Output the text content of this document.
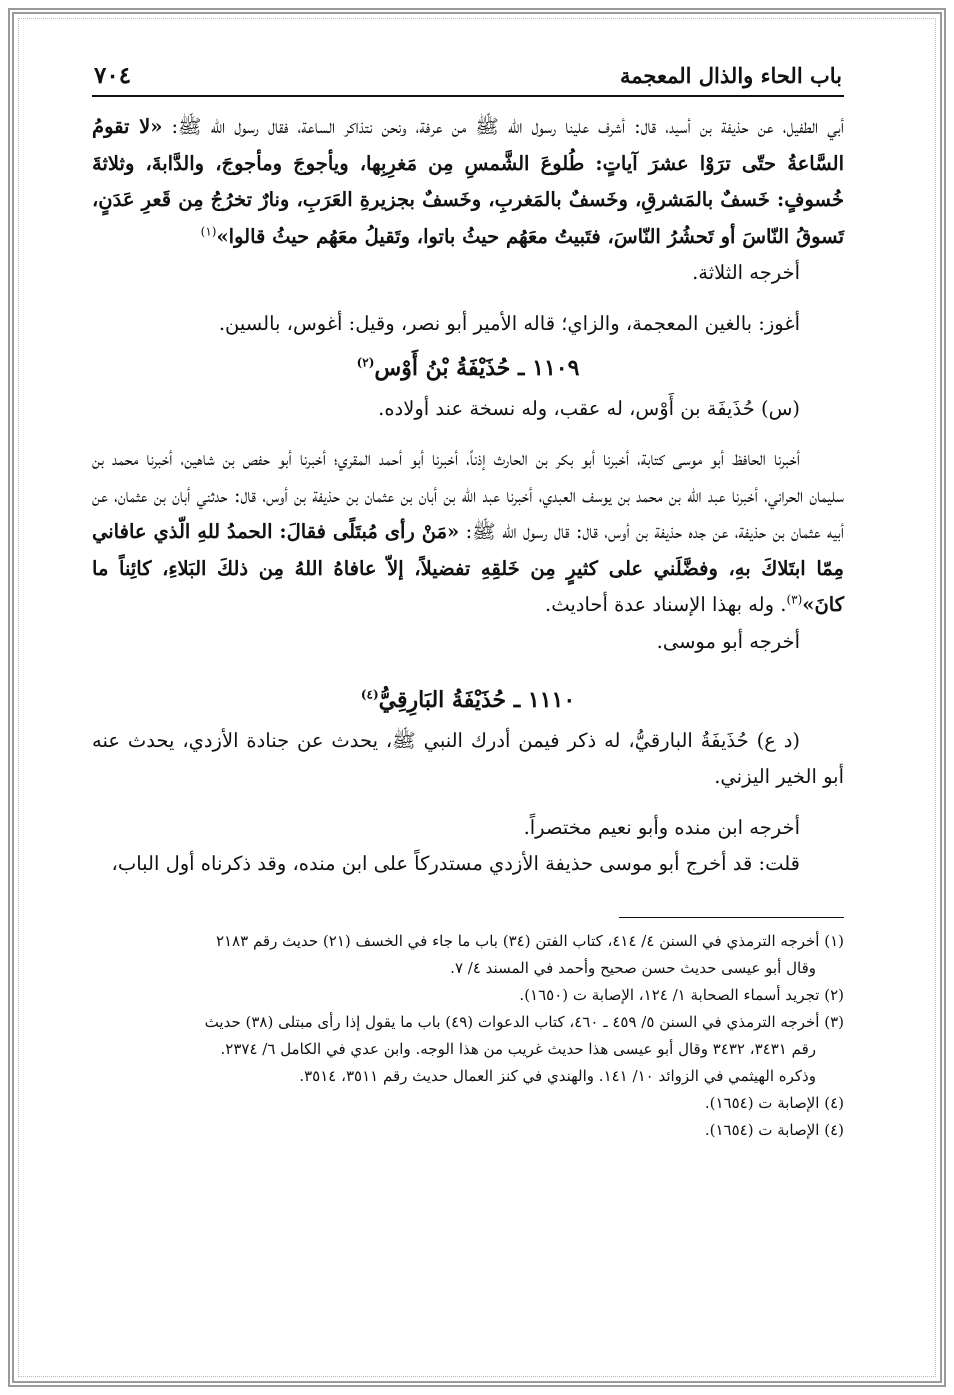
باب الحاء والذال المعجمة
٧٠٤

أبي الطفيل، عن حذيفة بن أسيد، قال: أشرف علينا رسول الله ﷺ من عرفة، ونحن نتذاكر الساعة، فقال رسول الله ﷺ: «لا تقومُ السَّاعةُ حتّى ترَوْا عشرَ آياتٍ: طُلوعَ الشَّمسِ مِن مَغرِبِها، ويأجوجَ ومأجوجَ، والدَّابةَ، وثلاثةَ خُسوفٍ: خَسفٌ بالمَشرقِ، وخَسفٌ بالمَغربِ، وخَسفٌ بجزيرةِ العَرَبِ، ونارٌ تخرُجُ مِن قَعرِ عَدَنٍ، تَسوقُ النّاسَ أو تَحشُرُ النّاسَ، فتَبيتُ معَهُم حيثُ باتوا، وتَقيلُ معَهُم حيثُ قالوا»$^{(١)}$

أخرجه الثلاثة.

أغوز: بالغين المعجمة، والزاي؛ قاله الأمير أبو نصر، وقيل: أغوس، بالسين.

١١٠٩ ـ حُذَيْفَةُ بْنُ أَوْس$^{(٢)}$

(س) حُذَيفَة بن أَوْس، له عقب، وله نسخة عند أولاده.

أخبرنا الحافظ أبو موسى كتابة، أخبرنا أبو بكر بن الحارث إذناً، أخبرنا أبو أحمد المقري؛ أخبرنا أبو حفص بن شاهين، أخبرنا محمد بن سليمان الحراني، أخبرنا عبد الله بن محمد بن يوسف العبدي، أخبرنا عبد الله بن أبان بن عثمان بن حذيفة بن أوس، قال: حدثني أبان بن عثمان، عن أبيه عثمان بن حذيفة، عن جده حذيفة بن أوس، قال: قال رسول الله ﷺ: «مَنْ رأى مُبتَلًى فقالَ: الحمدُ للهِ الّذي عافاني مِمّا ابتَلاكَ بهِ، وفضَّلَني على كثيرٍ مِن خَلقِهِ تفضيلاً، إلاّ عافاهُ اللهُ مِن ذلكَ البَلاءِ، كائِناً ما كانَ»$^{(٣)}$. وله بهذا الإسناد عدة أحاديث.

أخرجه أبو موسى.

١١١٠ ـ حُذَيْفَةُ البَارِقِيُّ$^{(٤)}$

(د ع) حُذَيفَةُ البارقيُّ، له ذكر فيمن أدرك النبي ﷺ، يحدث عن جنادة الأزدي، يحدث عنه أبو الخير اليزني.

أخرجه ابن منده وأبو نعيم مختصراً.

قلت: قد أخرج أبو موسى حذيفة الأزدي مستدركاً على ابن منده، وقد ذكرناه أول الباب،

(١) أخرجه الترمذي في السنن ٤/ ٤١٤، كتاب الفتن (٣٤) باب ما جاء في الخسف (٢١) حديث رقم ٢١٨٣

وقال أبو عيسى حديث حسن صحيح وأحمد في المسند ٤/ ٧.

(٢) تجريد أسماء الصحابة ١/ ١٢٤، الإصابة ت (١٦٥٠).

(٣) أخرجه الترمذي في السنن ٥/ ٤٥٩ ـ ٤٦٠، كتاب الدعوات (٤٩) باب ما يقول إذا رأى مبتلى (٣٨) حديث

رقم ٣٤٣١، ٣٤٣٢ وقال أبو عيسى هذا حديث غريب من هذا الوجه. وابن عدي في الكامل ٦/ ٢٣٧٤.

وذكره الهيثمي في الزوائد ١٠/ ١٤١. والهندي في كنز العمال حديث رقم ٣٥١١، ٣٥١٤.

(٤) الإصابة ت (١٦٥٤).

(٤) الإصابة ت (١٦٥٤).
